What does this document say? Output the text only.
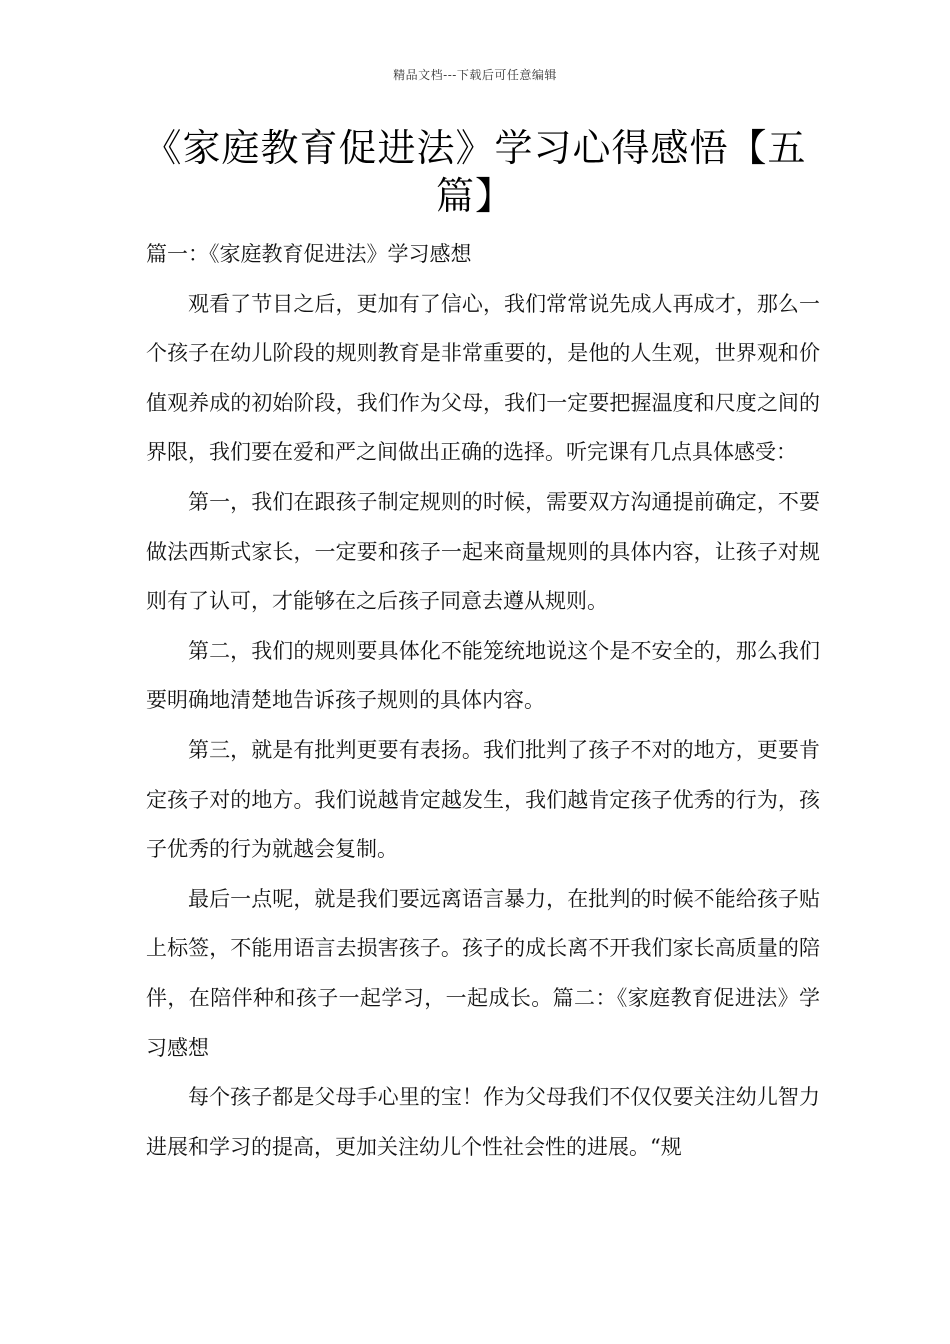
精品文档---下载后可任意编辑
《家庭教育促进法》学习心得感悟【五篇】

篇一：《家庭教育促进法》学习感想

观看了节目之后，更加有了信心，我们常常说先成人再成才，那么一个孩子在幼儿阶段的规则教育是非常重要的，是他的人生观，世界观和价值观养成的初始阶段，我们作为父母，我们一定要把握温度和尺度之间的界限，我们要在爱和严之间做出正确的选择。听完课有几点具体感受：

第一，我们在跟孩子制定规则的时候，需要双方沟通提前确定，不要做法西斯式家长，一定要和孩子一起来商量规则的具体内容，让孩子对规则有了认可，才能够在之后孩子同意去遵从规则。

第二，我们的规则要具体化不能笼统地说这个是不安全的，那么我们要明确地清楚地告诉孩子规则的具体内容。

第三，就是有批判更要有表扬。我们批判了孩子不对的地方，更要肯定孩子对的地方。我们说越肯定越发生，我们越肯定孩子优秀的行为，孩子优秀的行为就越会复制。

最后一点呢，就是我们要远离语言暴力，在批判的时候不能给孩子贴上标签，不能用语言去损害孩子。孩子的成长离不开我们家长高质量的陪伴，在陪伴种和孩子一起学习，一起成长。篇二：《家庭教育促进法》学习感想

每个孩子都是父母手心里的宝！作为父母我们不仅仅要关注幼儿智力进展和学习的提高，更加关注幼儿个性社会性的进展。“规
